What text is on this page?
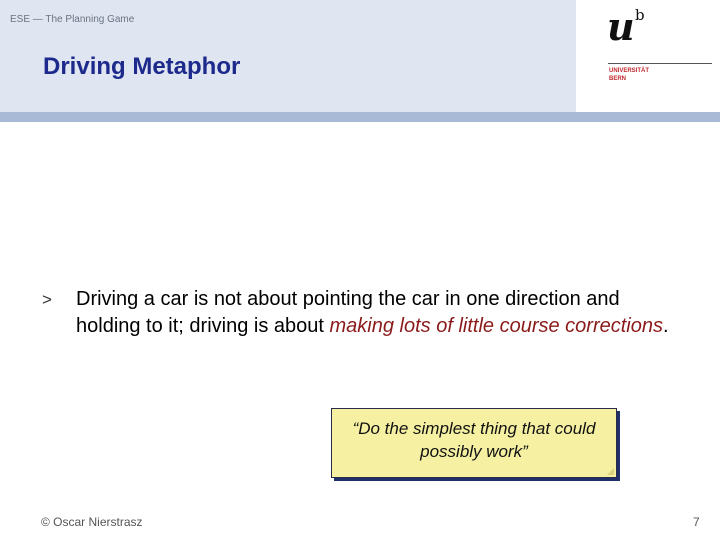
ESE — The Planning Game
Driving Metaphor
u b
UNIVERSITÄT
BERN
> Driving a car is not about pointing the car in one direction and holding to it; driving is about making lots of little course corrections.
“Do the simplest thing that could possibly work”
© Oscar Nierstrasz	7
